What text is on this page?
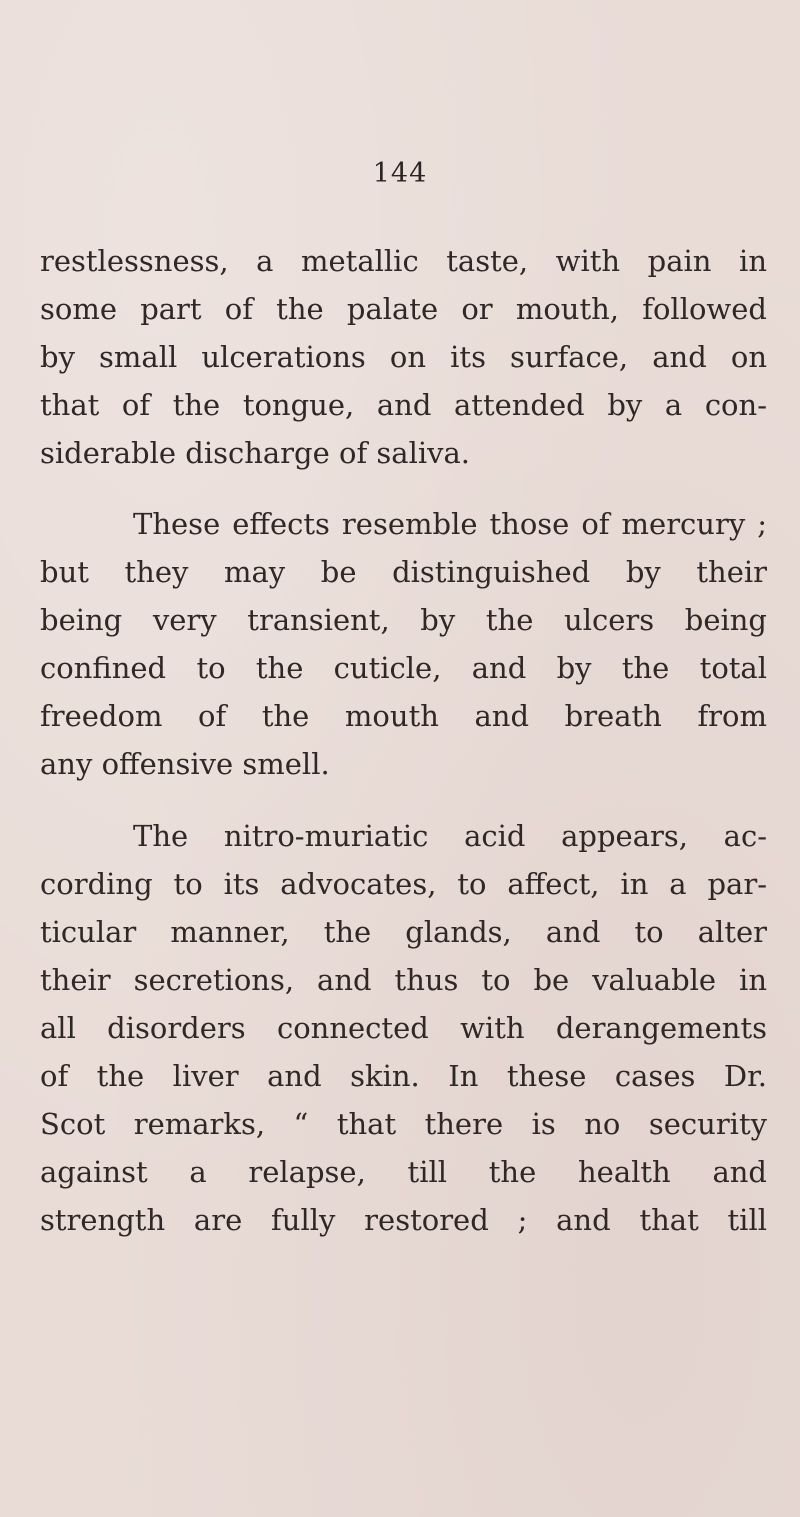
144
restlessness, a metallic taste, with pain in
some part of the palate or mouth, followed
by small ulcerations on its surface, and on
that of the tongue, and attended by a con-
siderable discharge of saliva.
These effects resemble those of mercury ;
but they may be distinguished by their
being very transient, by the ulcers being
confined to the cuticle, and by the total
freedom of the mouth and breath from
any offensive smell.
The nitro-muriatic acid appears, ac-
cording to its advocates, to affect, in a par-
ticular manner, the glands, and to alter
their secretions, and thus to be valuable in
all disorders connected with derangements
of the liver and skin. In these cases Dr.
Scot remarks, “ that there is no security
against a relapse, till the health and
strength are fully restored ; and that till
